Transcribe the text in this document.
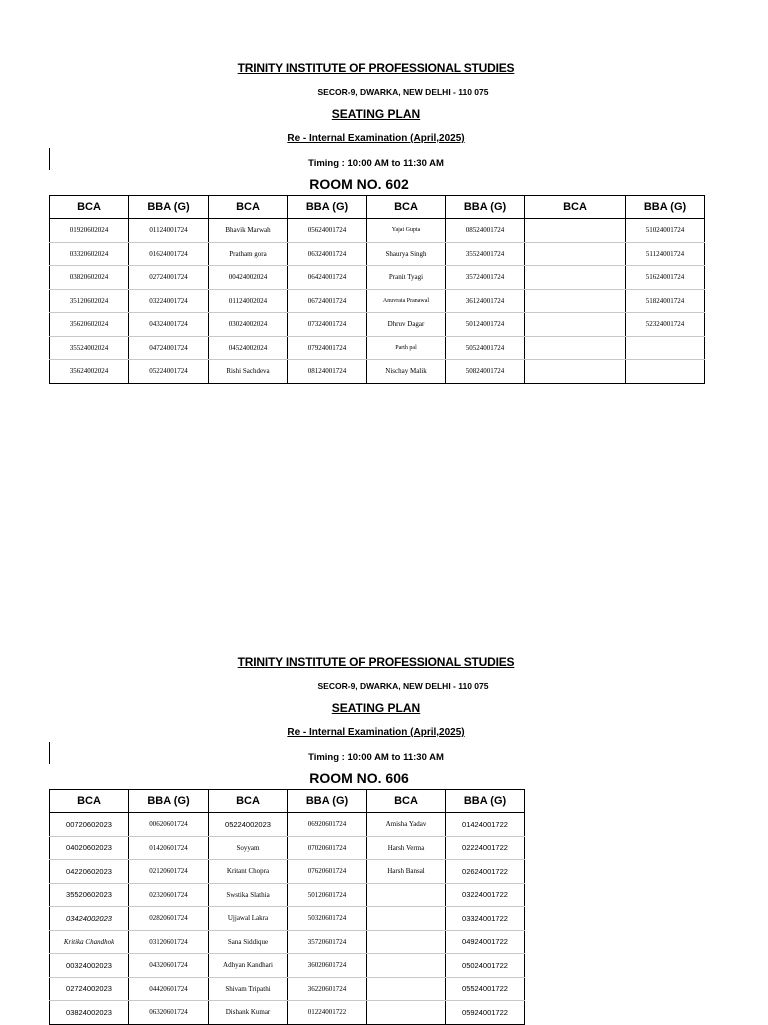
TRINITY INSTITUTE OF PROFESSIONAL STUDIES
SECOR-9, DWARKA, NEW DELHI - 110 075
SEATING PLAN
Re - Internal Examination (April,2025)
Timing : 10:00 AM to 11:30 AM
ROOM NO. 602
BCA	BBA (G)	BCA	BBA (G)	BCA	BBA (G)	BCA	BBA (G)
01920602024	01124001724	Bhavik Marwah	05624001724	Yajat Gupta	08524001724		51024001724
03320602024	01624001724	Pratham gora	06324001724	Shaurya Singh	35524001724		51124001724
03820602024	02724001724	00424002024	06424001724	Pranit Tyagi	35724001724		51624001724
35120602024	03224001724	01124002024	06724001724	Anuvrata Pranawal	36124001724		51824001724
35620602024	04324001724	03024002024	07324001724	Dhruv Dagar	50124001724		52324001724
35524002024	04724001724	04524002024	07924001724	Parth pal	50524001724		
35624002024	05224001724	Rishi Sachdeva	08124001724	Nischay Malik	50824001724		
TRINITY INSTITUTE OF PROFESSIONAL STUDIES
SECOR-9, DWARKA, NEW DELHI - 110 075
SEATING PLAN
Re - Internal Examination (April,2025)
Timing : 10:00 AM to 11:30 AM
ROOM NO. 606
BCA	BBA (G)	BCA	BBA (G)	BCA	BBA (G)
00720602023	00620601724	05224002023	06920601724	Amisha Yadav	01424001722
04020602023	01420601724	Soyyam	07020601724	Harsh Verma	02224001722
04220602023	02120601724	Kritant Chopra	07620601724	Harsh Bansal	02624001722
35520602023	02320601724	Swstika Slathia	50120601724		03224001722
03424002023	02820601724	Ujjawal Lakra	50320601724		03324001722
Kritika Chandhok	03120601724	Sana Siddique	35720601724		04924001722
00324002023	04320601724	Adhyan Kandhari	36020601724		05024001722
02724002023	04420601724	Shivam Tripathi	36220601724		05524001722
03824002023	06320601724	Dishank Kumar	01224001722		05924001722
